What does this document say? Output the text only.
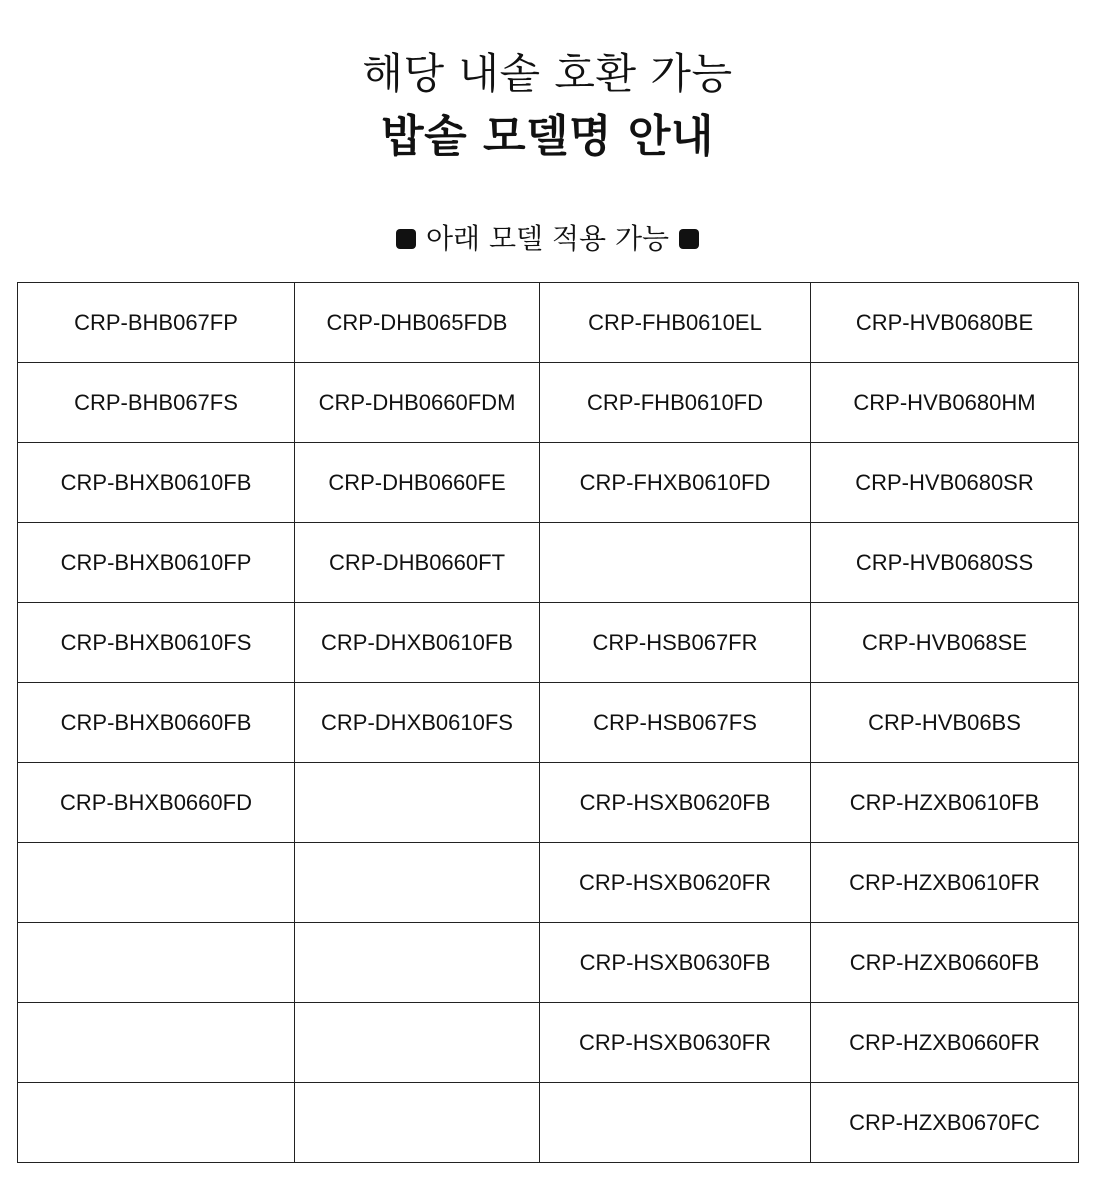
해당 내솥 호환 가능
밥솥 모델명 안내
아래 모델 적용 가능
CRP-BHB067FP	CRP-DHB065FDB	CRP-FHB0610EL	CRP-HVB0680BE
CRP-BHB067FS	CRP-DHB0660FDM	CRP-FHB0610FD	CRP-HVB0680HM
CRP-BHXB0610FB	CRP-DHB0660FE	CRP-FHXB0610FD	CRP-HVB0680SR
CRP-BHXB0610FP	CRP-DHB0660FT		CRP-HVB0680SS
CRP-BHXB0610FS	CRP-DHXB0610FB	CRP-HSB067FR	CRP-HVB068SE
CRP-BHXB0660FB	CRP-DHXB0610FS	CRP-HSB067FS	CRP-HVB06BS
CRP-BHXB0660FD		CRP-HSXB0620FB	CRP-HZXB0610FB
		CRP-HSXB0620FR	CRP-HZXB0610FR
		CRP-HSXB0630FB	CRP-HZXB0660FB
		CRP-HSXB0630FR	CRP-HZXB0660FR
			CRP-HZXB0670FC
